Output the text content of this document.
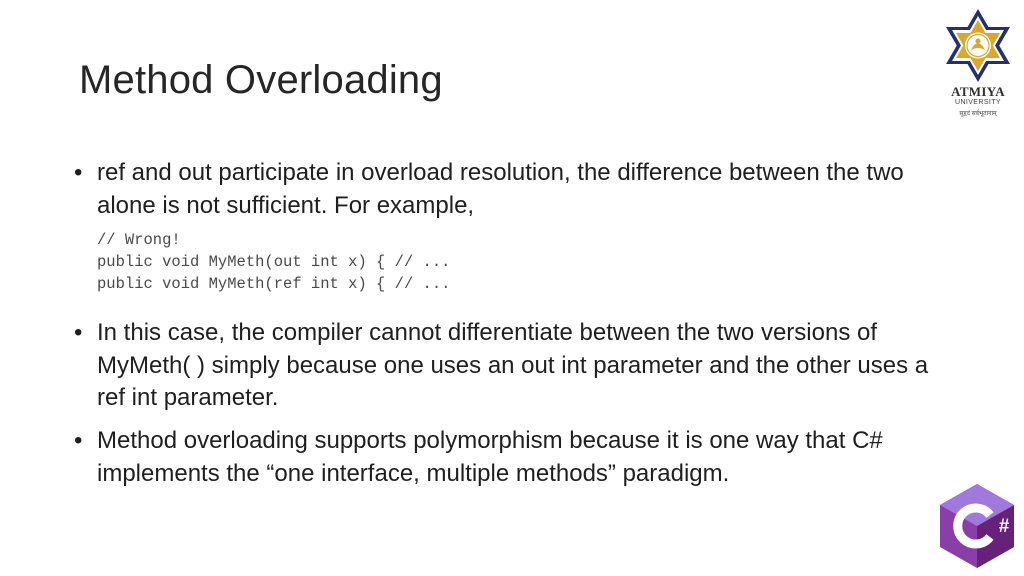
Method Overloading	ATMIYA
UNIVERSITY
सुहृदं सर्वभूतानाम्
• ref and out participate in overload resolution, the difference between the two alone is not sufficient. For example,
// Wrong!
public void MyMeth(out int x) { // ...
public void MyMeth(ref int x) { // ...
• In this case, the compiler cannot differentiate between the two versions of MyMeth( ) simply because one uses an out int parameter and the other uses a ref int parameter.
• Method overloading supports polymorphism because it is one way that C# implements the “one interface, multiple methods” paradigm.
#
